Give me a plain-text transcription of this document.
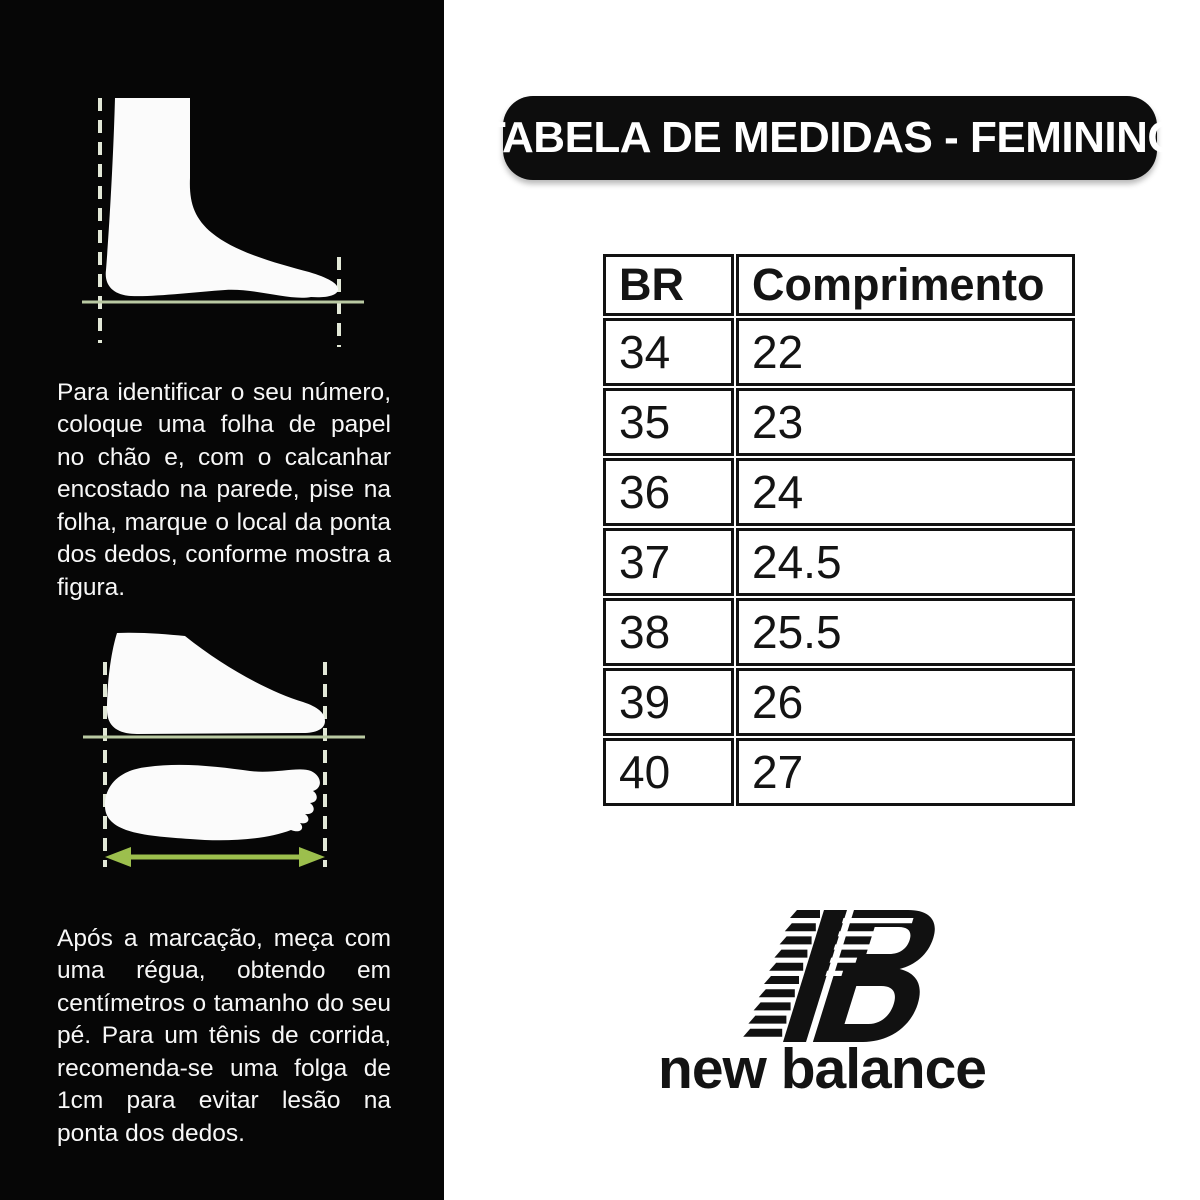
Para identificar o seu número, coloque uma folha de papel no chão e, com o calcanhar encostado na parede, pise na folha, marque o local da ponta dos dedos, conforme mostra a figura.

Após a marcação, meça com uma régua, obtendo em centímetros o tamanho do seu pé. Para um tênis de corrida, recomenda-se uma folga de 1cm para evitar lesão na ponta dos dedos.

TABELA DE MEDIDAS - FEMININO
BR	Comprimento
34	22
35	23
36	24
37	24.5
38	25.5
39	26
40	27
new balance
